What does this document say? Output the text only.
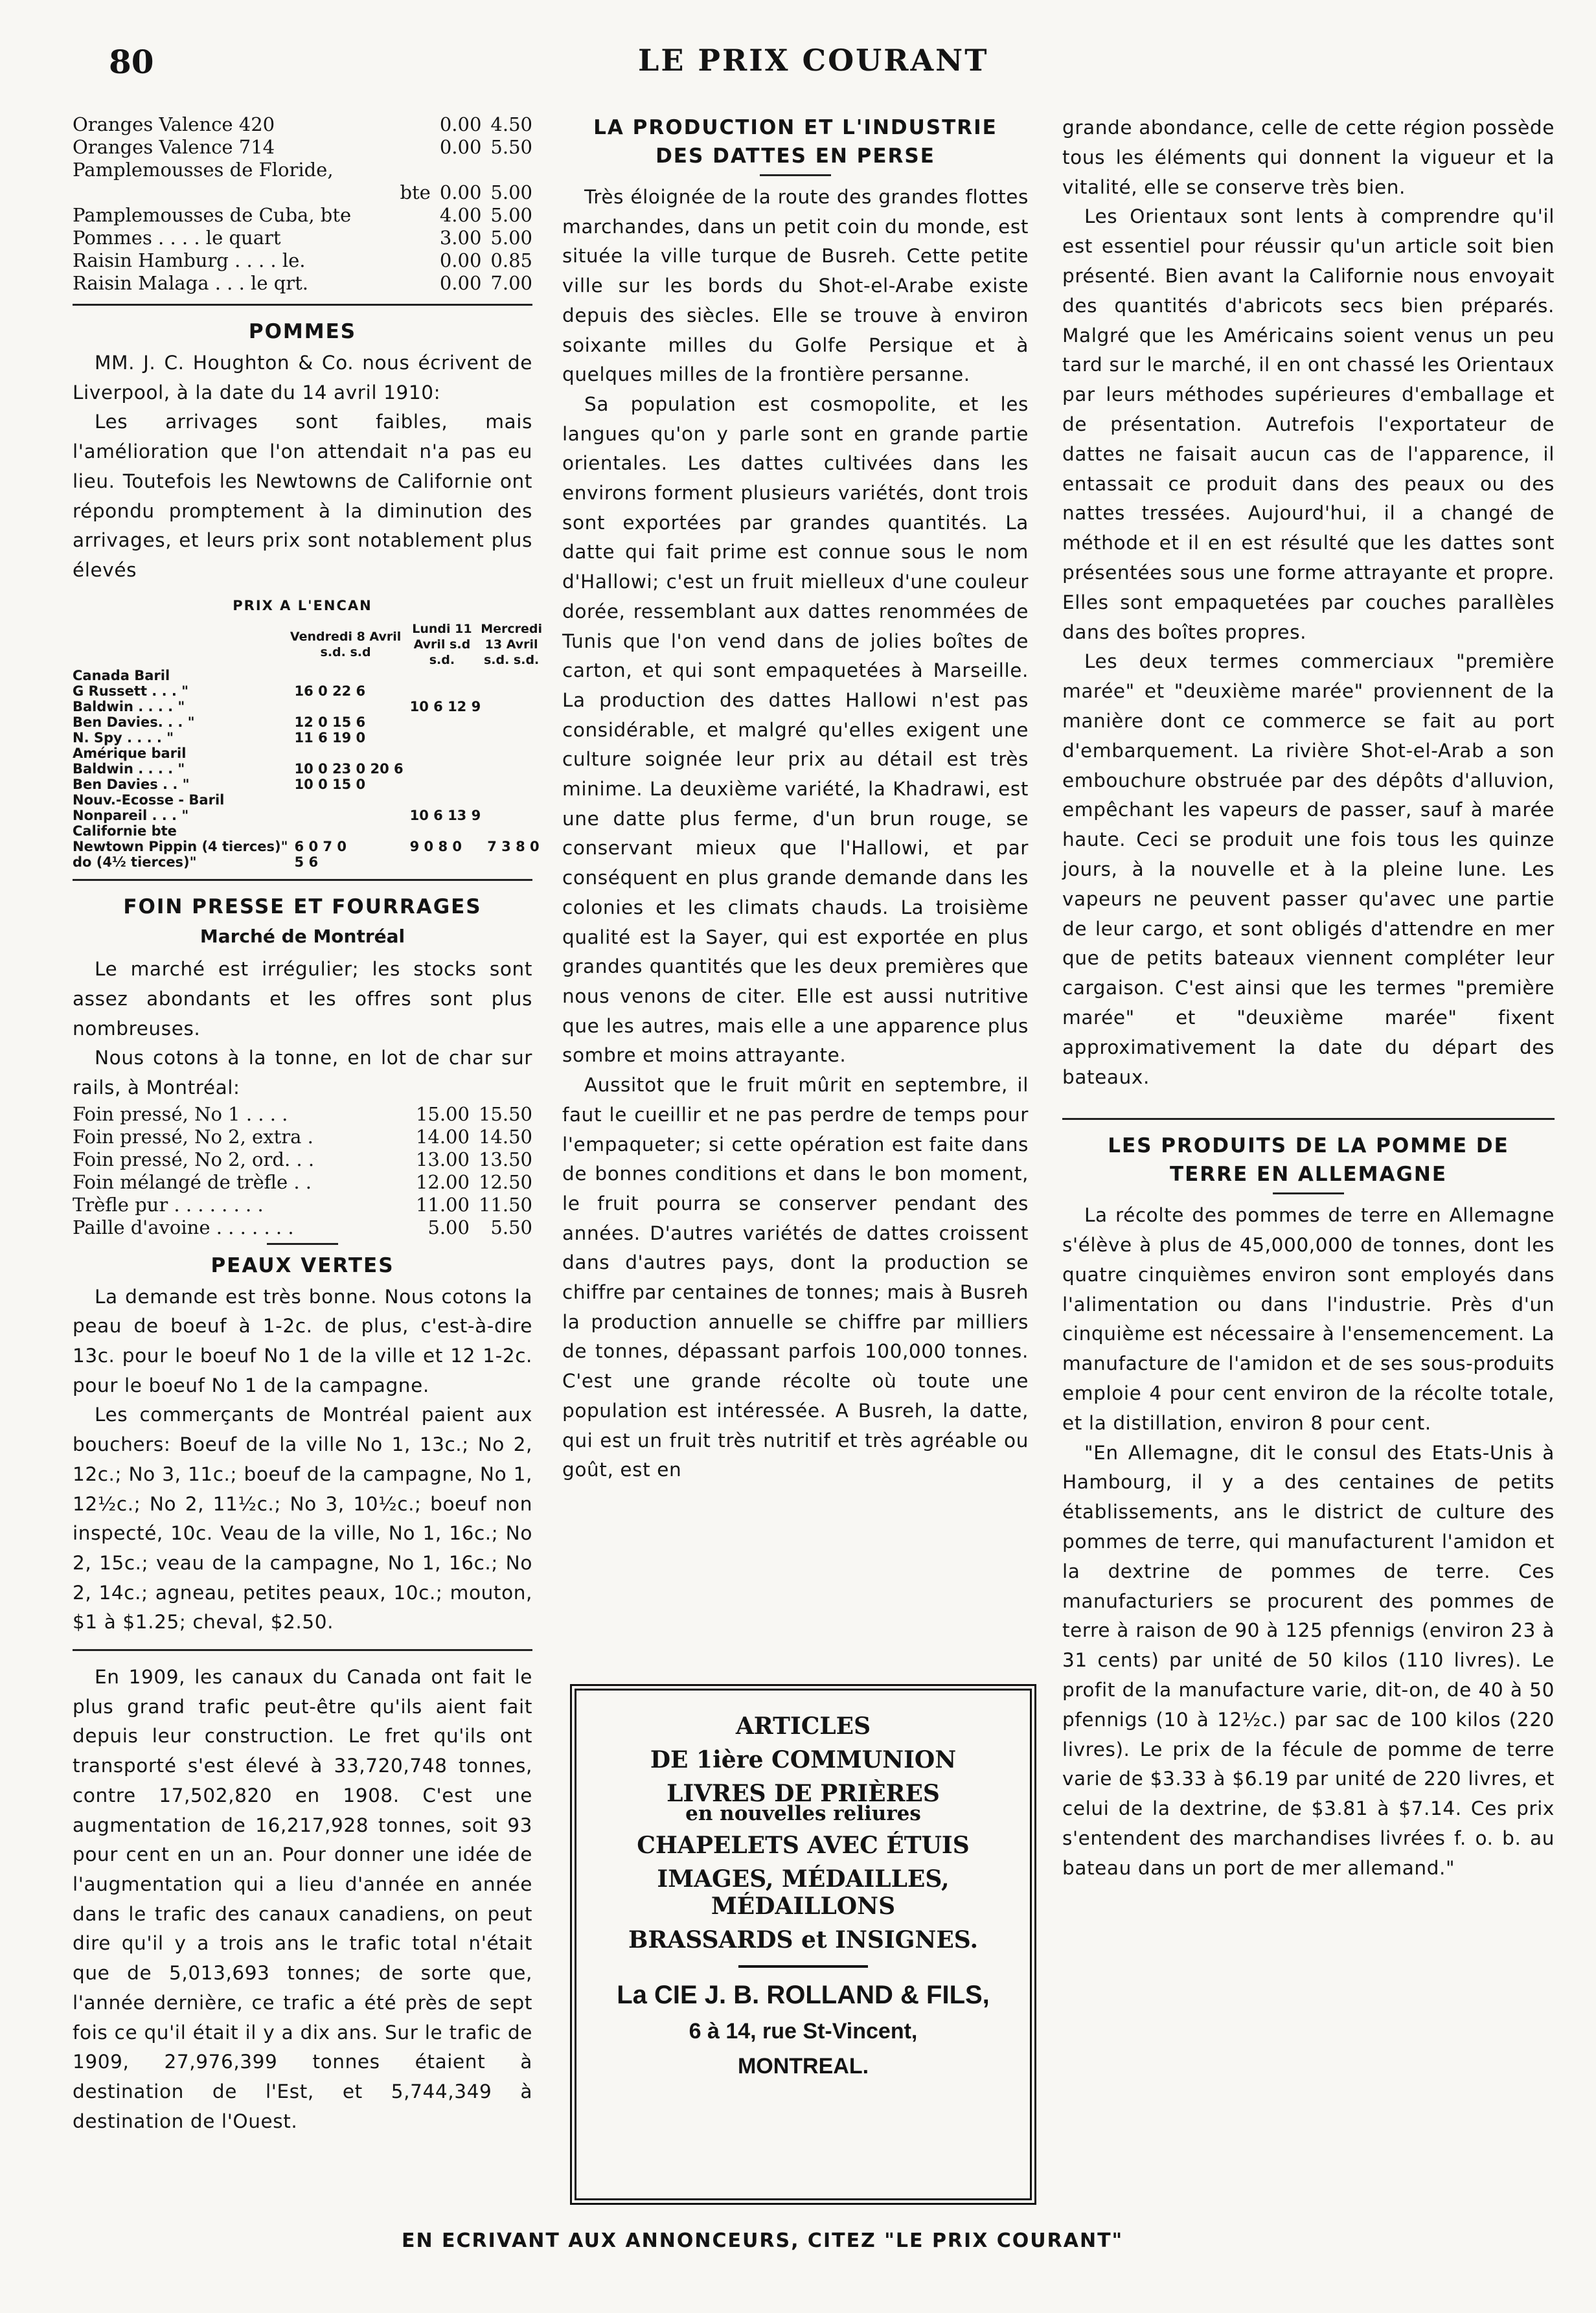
80	LE PRIX COURANT
Oranges Valence 420	0.00	4.50
Oranges Valence 714	0.00	5.50
Pamplemousses de Floride,		
bte	0.00	5.00
Pamplemousses de Cuba, bte	4.00	5.00
Pommes . . . . le quart	3.00	5.00
Raisin Hamburg . . . . le.	0.00	0.85
Raisin Malaga . . . le qrt.	0.00	7.00
POMMES

MM. J. C. Houghton & Co. nous écrivent de Liverpool, à la date du 14 avril 1910:

Les arrivages sont faibles, mais l'amélioration que l'on attendait n'a pas eu lieu. Toutefois les Newtowns de Californie ont répondu promptement à la diminution des arrivages, et leurs prix sont notablement plus élevés

PRIX A L'ENCAN
	Vendredi 8 Avril s.d. s.d	Lundi 11 Avril s.d s.d.	Mercredi 13 Avril s.d. s.d.
Canada Baril			
G Russett . . . "	16 0 22 6		
Baldwin . . . . "		10 6 12 9	
Ben Davies. . . "	12 0 15 6		
N. Spy . . . . "	11 6 19 0		
Amérique baril			
Baldwin . . . . "	10 0 23 0 20 6		
Ben Davies . . "	10 0 15 0		
Nouv.-Ecosse - Baril			
Nonpareil . . . "		10 6 13 9	
Californie bte			
Newtown Pippin (4 tierces)"	6 0 7 0	9 0 8 0	7 3 8 0
do (4½ tierces)"	5 6		
FOIN PRESSE ET FOURRAGES
Marché de Montréal

Le marché est irrégulier; les stocks sont assez abondants et les offres sont plus nombreuses.

Nous cotons à la tonne, en lot de char sur rails, à Montréal:

Foin pressé, No 1 . . . .	15.00	15.50
Foin pressé, No 2, extra .	14.00	14.50
Foin pressé, No 2, ord. . .	13.00	13.50
Foin mélangé de trèfle . .	12.00	12.50
Trèfle pur . . . . . . . .	11.00	11.50
Paille d'avoine . . . . . . .	5.00	5.50
PEAUX VERTES

La demande est très bonne. Nous cotons la peau de boeuf à 1-2c. de plus, c'est-à-dire 13c. pour le boeuf No 1 de la ville et 12 1-2c. pour le boeuf No 1 de la campagne.

Les commerçants de Montréal paient aux bouchers: Boeuf de la ville No 1, 13c.; No 2, 12c.; No 3, 11c.; boeuf de la campagne, No 1, 12½c.; No 2, 11½c.; No 3, 10½c.; boeuf non inspecté, 10c. Veau de la ville, No 1, 16c.; No 2, 15c.; veau de la campagne, No 1, 16c.; No 2, 14c.; agneau, petites peaux, 10c.; mouton, $1 à $1.25; cheval, $2.50.

En 1909, les canaux du Canada ont fait le plus grand trafic peut-être qu'ils aient fait depuis leur construction. Le fret qu'ils ont transporté s'est élevé à 33,720,748 tonnes, contre 17,502,820 en 1908. C'est une augmentation de 16,217,928 tonnes, soit 93 pour cent en un an. Pour donner une idée de l'augmentation qui a lieu d'année en année dans le trafic des canaux canadiens, on peut dire qu'il y a trois ans le trafic total n'était que de 5,013,693 tonnes; de sorte que, l'année dernière, ce trafic a été près de sept fois ce qu'il était il y a dix ans. Sur le trafic de 1909, 27,976,399 tonnes étaient à destination de l'Est, et 5,744,349 à destination de l'Ouest.

LA PRODUCTION ET L'INDUSTRIE DES DATTES EN PERSE

Très éloignée de la route des grandes flottes marchandes, dans un petit coin du monde, est située la ville turque de Busreh. Cette petite ville sur les bords du Shot-el-Arabe existe depuis des siècles. Elle se trouve à environ soixante milles du Golfe Persique et à quelques milles de la frontière persanne.

Sa population est cosmopolite, et les langues qu'on y parle sont en grande partie orientales. Les dattes cultivées dans les environs forment plusieurs variétés, dont trois sont exportées par grandes quantités. La datte qui fait prime est connue sous le nom d'Hallowi; c'est un fruit mielleux d'une couleur dorée, ressemblant aux dattes renommées de Tunis que l'on vend dans de jolies boîtes de carton, et qui sont empaquetées à Marseille. La production des dattes Hallowi n'est pas considérable, et malgré qu'elles exigent une culture soignée leur prix au détail est très minime. La deuxième variété, la Khadrawi, est une datte plus ferme, d'un brun rouge, se conservant mieux que l'Hallowi, et par conséquent en plus grande demande dans les colonies et les climats chauds. La troisième qualité est la Sayer, qui est exportée en plus grandes quantités que les deux premières que nous venons de citer. Elle est aussi nutritive que les autres, mais elle a une apparence plus sombre et moins attrayante.

Aussitot que le fruit mûrit en septembre, il faut le cueillir et ne pas perdre de temps pour l'empaqueter; si cette opération est faite dans de bonnes conditions et dans le bon moment, le fruit pourra se conserver pendant des années. D'autres variétés de dattes croissent dans d'autres pays, dont la production se chiffre par centaines de tonnes; mais à Busreh la production annuelle se chiffre par milliers de tonnes, dépassant parfois 100,000 tonnes. C'est une grande récolte où toute une population est intéressée. A Busreh, la datte, qui est un fruit très nutritif et très agréable ou goût, est en

ARTICLES
DE 1ière COMMUNION
LIVRES DE PRIÈRES
en nouvelles reliures
CHAPELETS AVEC ÉTUIS
IMAGES, MÉDAILLES,
MÉDAILLONS
BRASSARDS et INSIGNES.
La CIE J. B. ROLLAND & FILS,
6 à 14, rue St-Vincent,
MONTREAL.

grande abondance, celle de cette région possède tous les éléments qui donnent la vigueur et la vitalité, elle se conserve très bien.

Les Orientaux sont lents à comprendre qu'il est essentiel pour réussir qu'un article soit bien présenté. Bien avant la Californie nous envoyait des quantités d'abricots secs bien préparés. Malgré que les Américains soient venus un peu tard sur le marché, il en ont chassé les Orientaux par leurs méthodes supérieures d'emballage et de présentation. Autrefois l'exportateur de dattes ne faisait aucun cas de l'apparence, il entassait ce produit dans des peaux ou des nattes tressées. Aujourd'hui, il a changé de méthode et il en est résulté que les dattes sont présentées sous une forme attrayante et propre. Elles sont empaquetées par couches parallèles dans des boîtes propres.

Les deux termes commerciaux "première marée" et "deuxième marée" proviennent de la manière dont ce commerce se fait au port d'embarquement. La rivière Shot-el-Arab a son embouchure obstruée par des dépôts d'alluvion, empêchant les vapeurs de passer, sauf à marée haute. Ceci se produit une fois tous les quinze jours, à la nouvelle et à la pleine lune. Les vapeurs ne peuvent passer qu'avec une partie de leur cargo, et sont obligés d'attendre en mer que de petits bateaux viennent compléter leur cargaison. C'est ainsi que les termes "première marée" et "deuxième marée" fixent approximativement la date du départ des bateaux.

LES PRODUITS DE LA POMME DE TERRE EN ALLEMAGNE

La récolte des pommes de terre en Allemagne s'élève à plus de 45,000,000 de tonnes, dont les quatre cinquièmes environ sont employés dans l'alimentation ou dans l'industrie. Près d'un cinquième est nécessaire à l'ensemencement. La manufacture de l'amidon et de ses sous-produits emploie 4 pour cent environ de la récolte totale, et la distillation, environ 8 pour cent.

"En Allemagne, dit le consul des Etats-Unis à Hambourg, il y a des centaines de petits établissements, ans le district de culture des pommes de terre, qui manufacturent l'amidon et la dextrine de pommes de terre. Ces manufacturiers se procurent des pommes de terre à raison de 90 à 125 pfennigs (environ 23 à 31 cents) par unité de 50 kilos (110 livres). Le profit de la manufacture varie, dit-on, de 40 à 50 pfennigs (10 à 12½c.) par sac de 100 kilos (220 livres). Le prix de la fécule de pomme de terre varie de $3.33 à $6.19 par unité de 220 livres, et celui de la dextrine, de $3.81 à $7.14. Ces prix s'entendent des marchandises livrées f. o. b. au bateau dans un port de mer allemand."

EN ECRIVANT AUX ANNONCEURS, CITEZ "LE PRIX COURANT"
